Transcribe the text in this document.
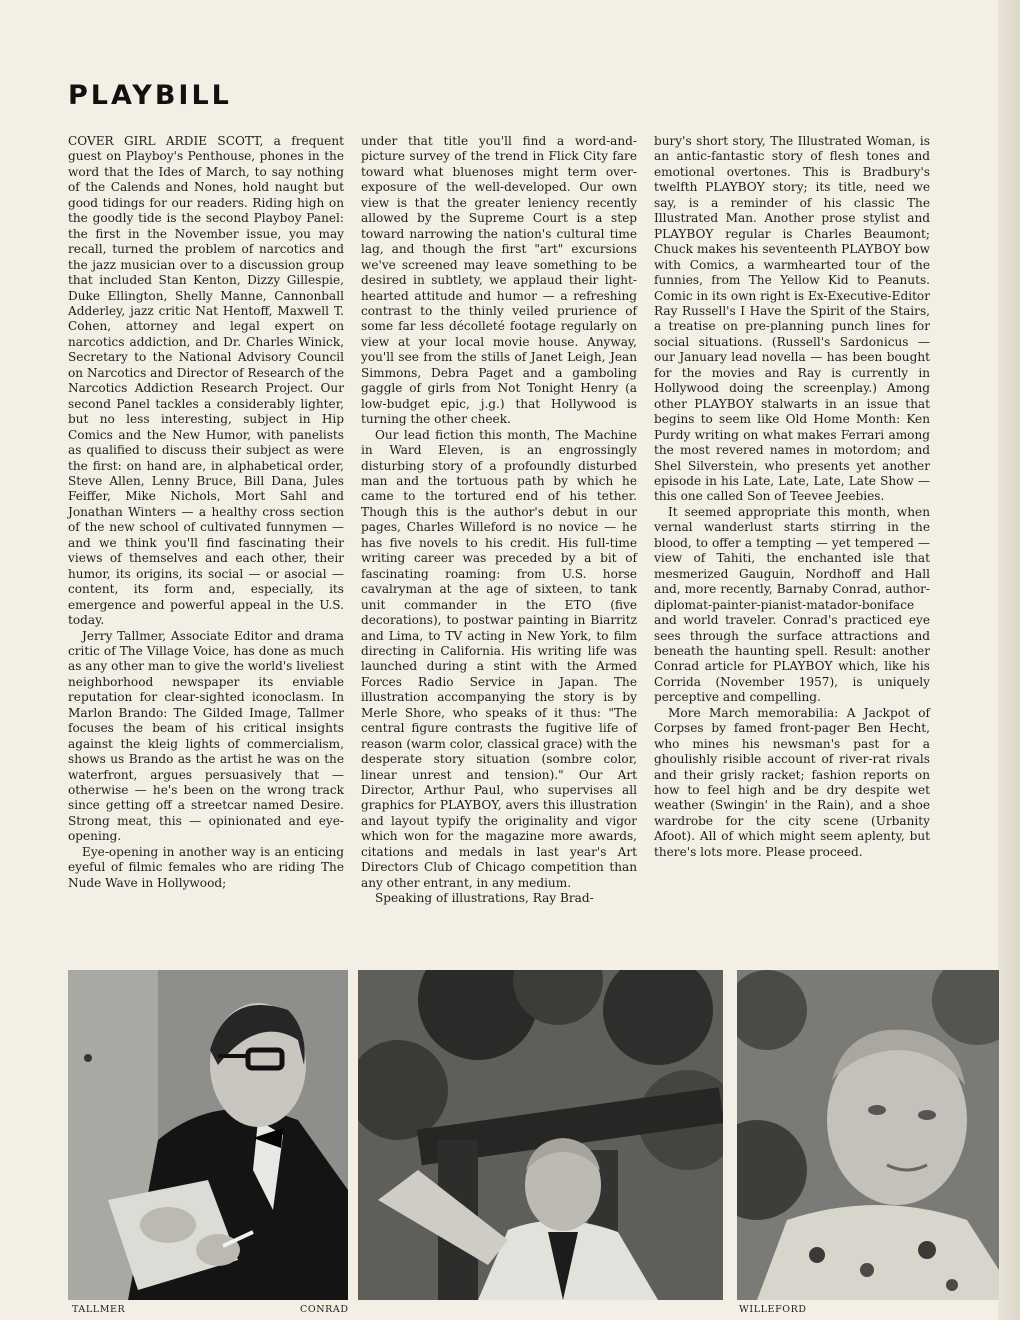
PLAYBILL

COVER GIRL ARDIE SCOTT, a frequent guest on Playboy's Penthouse, phones in the word that the Ides of March, to say nothing of the Calends and Nones, hold naught but good tidings for our readers. Riding high on the goodly tide is the second Playboy Panel: the first in the November issue, you may recall, turned the problem of narcotics and the jazz musician over to a discussion group that included Stan Kenton, Dizzy Gillespie, Duke Ellington, Shelly Manne, Cannonball Adderley, jazz critic Nat Hentoff, Maxwell T. Cohen, attorney and legal expert on narcotics addiction, and Dr. Charles Winick, Secretary to the National Advisory Council on Narcotics and Director of Research of the Narcotics Addiction Research Project. Our second Panel tackles a considerably lighter, but no less interesting, subject in Hip Comics and the New Humor, with panelists as qualified to discuss their subject as were the first: on hand are, in alphabetical order, Steve Allen, Lenny Bruce, Bill Dana, Jules Feiffer, Mike Nichols, Mort Sahl and Jonathan Winters — a healthy cross section of the new school of cultivated funnymen — and we think you'll find fascinating their views of themselves and each other, their humor, its origins, its social — or asocial — content, its form and, especially, its emergence and powerful appeal in the U.S. today.

Jerry Tallmer, Associate Editor and drama critic of The Village Voice, has done as much as any other man to give the world's liveliest neighborhood newspaper its enviable reputation for clear-sighted iconoclasm. In Marlon Brando: The Gilded Image, Tallmer focuses the beam of his critical insights against the kleig lights of commercialism, shows us Brando as the artist he was on the waterfront, argues persuasively that — otherwise — he's been on the wrong track since getting off a streetcar named Desire. Strong meat, this — opinionated and eye-opening.

Eye-opening in another way is an enticing eyeful of filmic females who are riding The Nude Wave in Hollywood;

under that title you'll find a word-and-picture survey of the trend in Flick City fare toward what bluenoses might term over-exposure of the well-developed. Our own view is that the greater leniency recently allowed by the Supreme Court is a step toward narrowing the nation's cultural time lag, and though the first "art" excursions we've screened may leave something to be desired in subtlety, we applaud their light-hearted attitude and humor — a refreshing contrast to the thinly veiled prurience of some far less décolleté footage regularly on view at your local movie house. Anyway, you'll see from the stills of Janet Leigh, Jean Simmons, Debra Paget and a gamboling gaggle of girls from Not Tonight Henry (a low-budget epic, j.g.) that Hollywood is turning the other cheek.

Our lead fiction this month, The Machine in Ward Eleven, is an engrossingly disturbing story of a profoundly disturbed man and the tortuous path by which he came to the tortured end of his tether. Though this is the author's debut in our pages, Charles Willeford is no novice — he has five novels to his credit. His full-time writing career was preceded by a bit of fascinating roaming: from U.S. horse cavalryman at the age of sixteen, to tank unit commander in the ETO (five decorations), to postwar painting in Biarritz and Lima, to TV acting in New York, to film directing in California. His writing life was launched during a stint with the Armed Forces Radio Service in Japan. The illustration accompanying the story is by Merle Shore, who speaks of it thus: "The central figure contrasts the fugitive life of reason (warm color, classical grace) with the desperate story situation (sombre color, linear unrest and tension)." Our Art Director, Arthur Paul, who supervises all graphics for PLAYBOY, avers this illustration and layout typify the originality and vigor which won for the magazine more awards, citations and medals in last year's Art Directors Club of Chicago competition than any other entrant, in any medium.

Speaking of illustrations, Ray Brad-

bury's short story, The Illustrated Woman, is an antic-fantastic story of flesh tones and emotional overtones. This is Bradbury's twelfth PLAYBOY story; its title, need we say, is a reminder of his classic The Illustrated Man. Another prose stylist and PLAYBOY regular is Charles Beaumont; Chuck makes his seventeenth PLAYBOY bow with Comics, a warmhearted tour of the funnies, from The Yellow Kid to Peanuts. Comic in its own right is Ex-Executive-Editor Ray Russell's I Have the Spirit of the Stairs, a treatise on pre-planning punch lines for social situations. (Russell's Sardonicus — our January lead novella — has been bought for the movies and Ray is currently in Hollywood doing the screenplay.) Among other PLAYBOY stalwarts in an issue that begins to seem like Old Home Month: Ken Purdy writing on what makes Ferrari among the most revered names in motordom; and Shel Silverstein, who presents yet another episode in his Late, Late, Late, Late Show — this one called Son of Teevee Jeebies.

It seemed appropriate this month, when vernal wanderlust starts stirring in the blood, to offer a tempting — yet tempered — view of Tahiti, the enchanted isle that mesmerized Gauguin, Nordhoff and Hall and, more recently, Barnaby Conrad, author-diplomat-painter-pianist-matador-boniface and world traveler. Conrad's practiced eye sees through the surface attractions and beneath the haunting spell. Result: another Conrad article for PLAYBOY which, like his Corrida (November 1957), is uniquely perceptive and compelling.

More March memorabilia: A Jackpot of Corpses by famed front-pager Ben Hecht, who mines his newsman's past for a ghoulishly risible account of river-rat rivals and their grisly racket; fashion reports on how to feel high and be dry despite wet weather (Swingin' in the Rain), and a shoe wardrobe for the city scene (Urbanity Afoot). All of which might seem aplenty, but there's lots more. Please proceed.

TALLMER	CONRAD	WILLEFORD
